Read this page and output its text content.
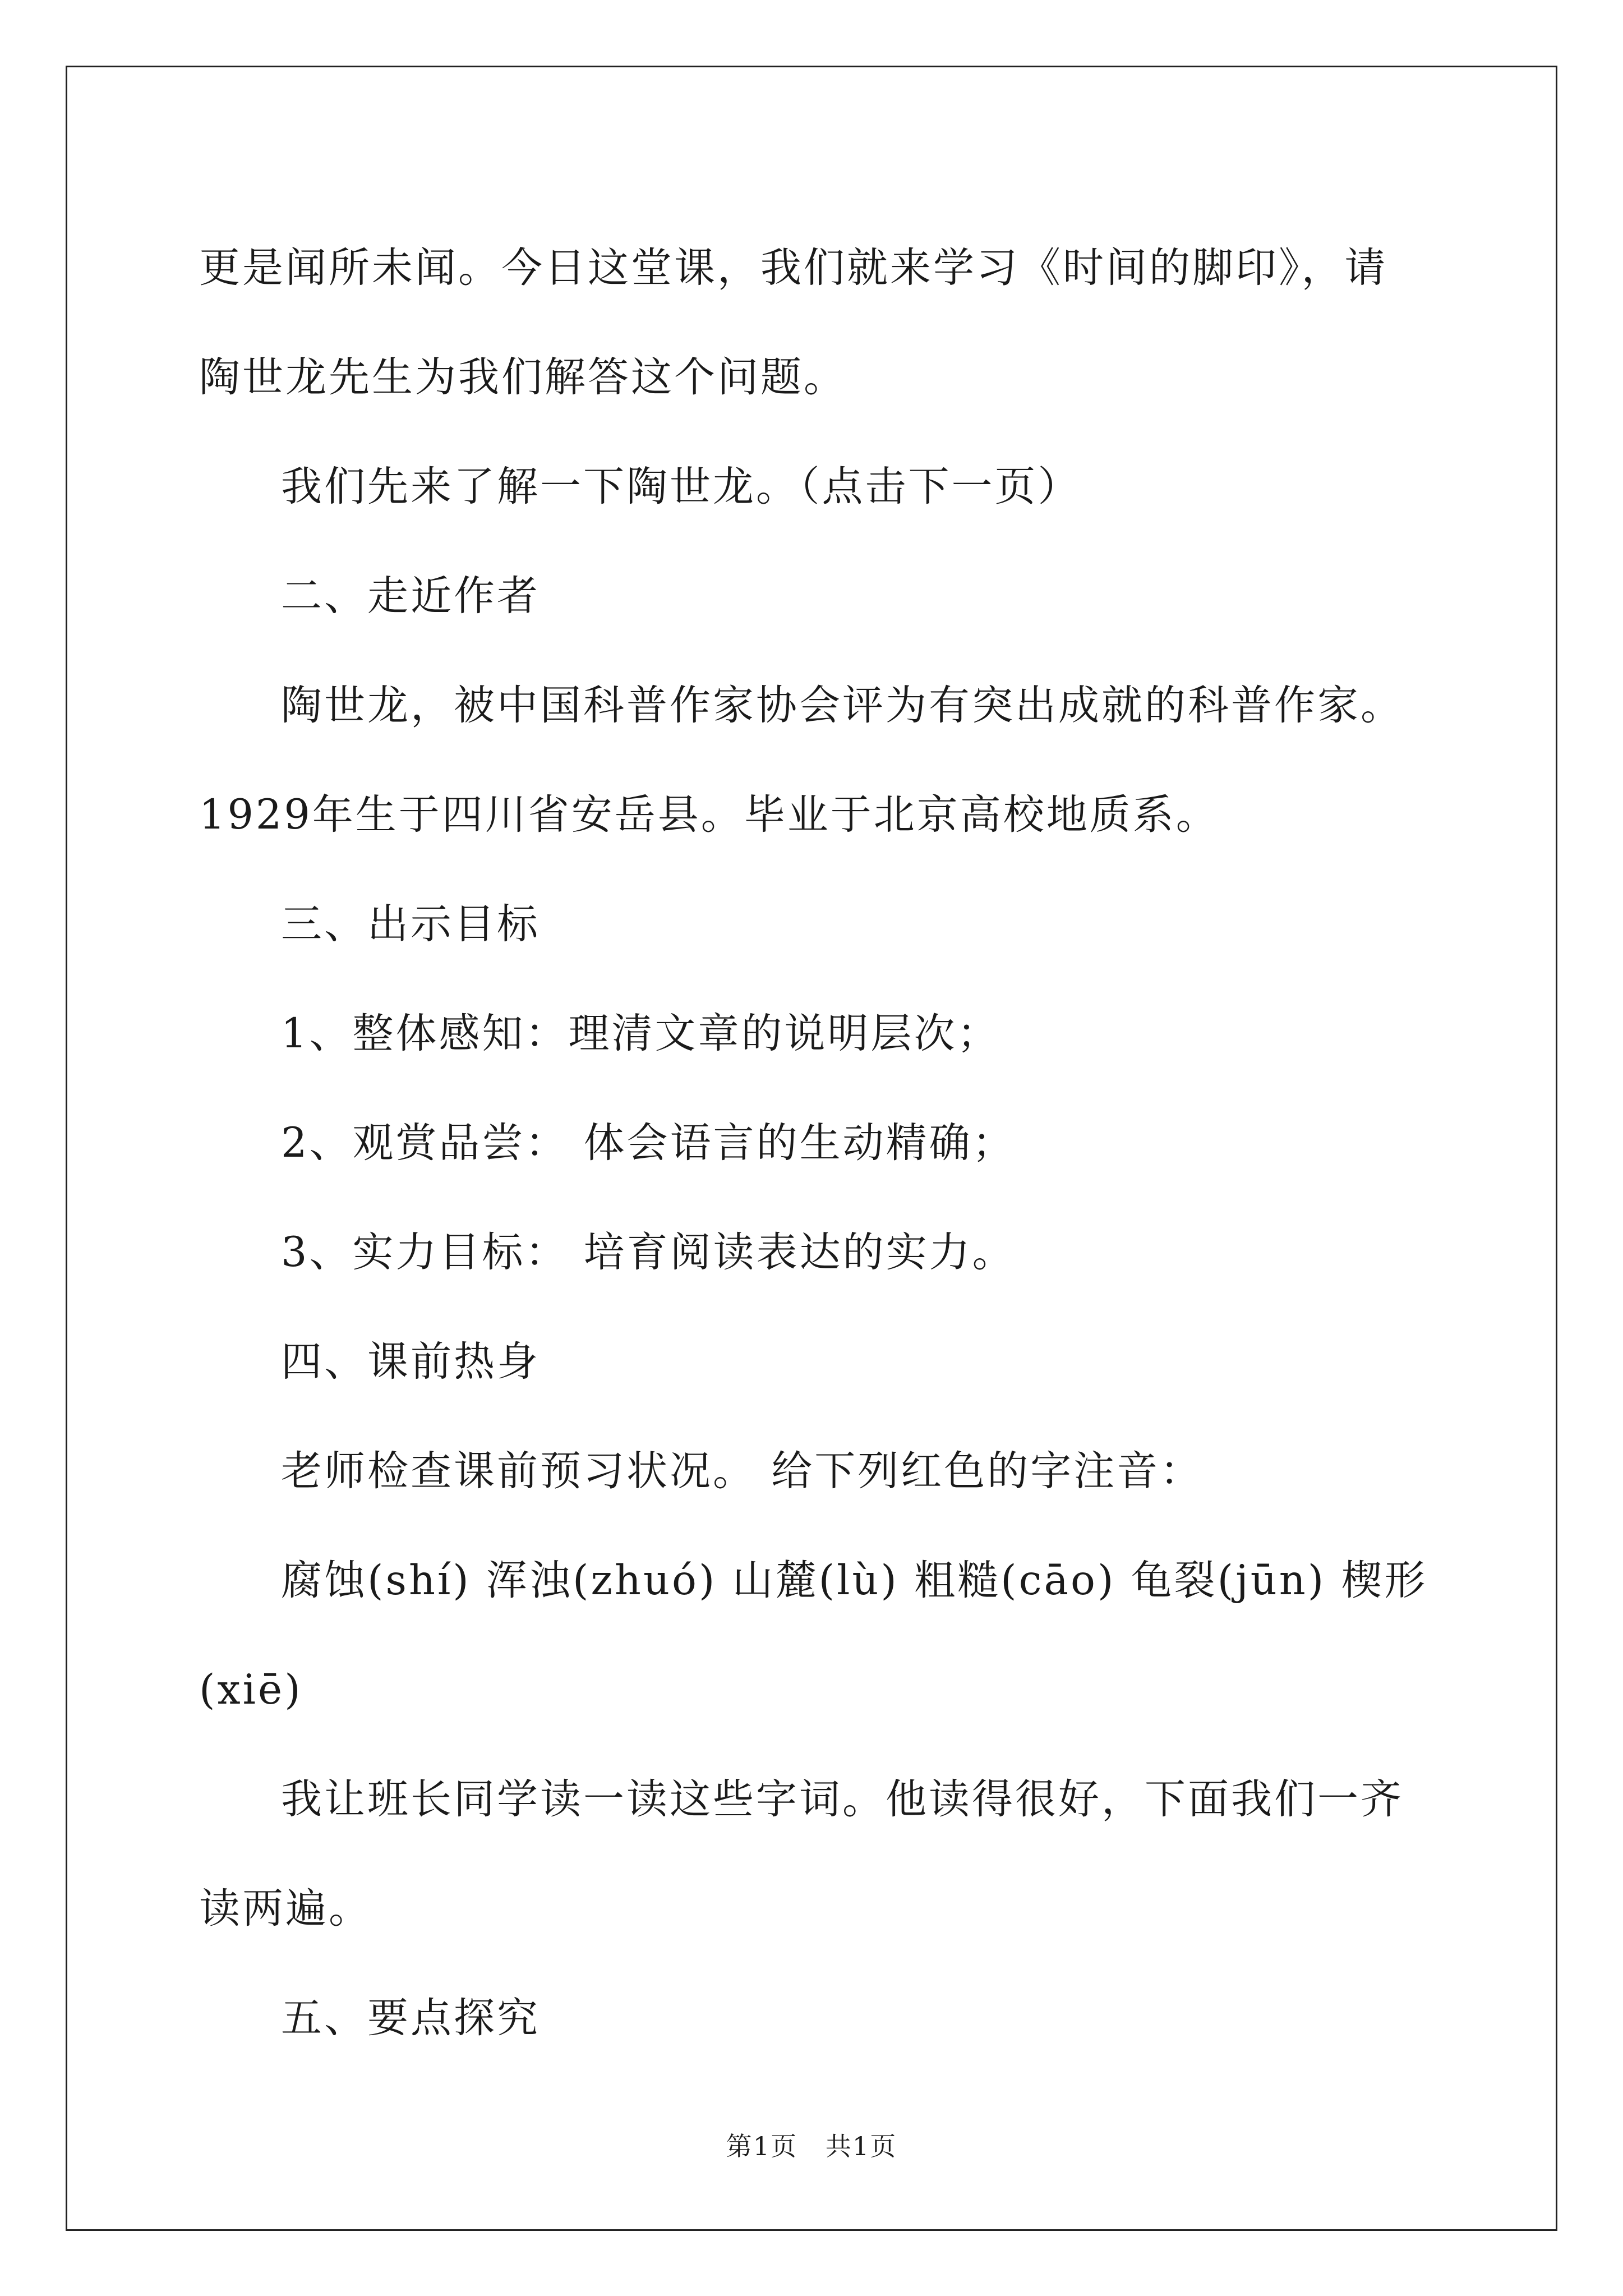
更是闻所未闻。今日这堂课，我们就来学习《时间的脚印》，请陶世龙先生为我们解答这个问题。

我们先来了解一下陶世龙。（点击下一页）

二、走近作者

陶世龙，被中国科普作家协会评为有突出成就的科普作家。1929年生于四川省安岳县。毕业于北京高校地质系。

三、出示目标

1、整体感知：理清文章的说明层次；

2、观赏品尝： 体会语言的生动精确；

3、实力目标： 培育阅读表达的实力。

四、课前热身

老师检查课前预习状况。 给下列红色的字注音：

腐蚀(shí) 浑浊(zhuó) 山麓(lù) 粗糙(cāo) 龟裂(jūn) 楔形(xiē)

我让班长同学读一读这些字词。他读得很好，下面我们一齐读两遍。

五、要点探究

第1页   共1页
